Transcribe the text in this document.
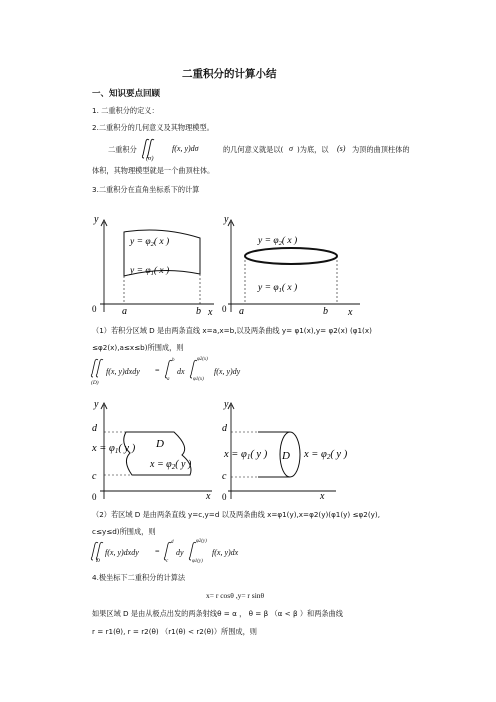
二重积分的计算小结
一、知识要点回顾
1. 二重积分的定义：
2.二重积分的几何意义及其物理模型。
二重积分
(σ)
f(x, y)dσ	的几何意义就是以( σ )为底，以 (s) 为顶的曲顶柱体的
体积，其物理模型就是一个曲顶柱体。
3.二重积分在直角坐标系下的计算
y
x
0	a	b
$y = \varphi_2$( x )
$y = \varphi_1$( x )
y
x
0 a	b
$y = \varphi_2$( x )
$y = \varphi_1$( x )
（1）若积分区域 D 是由两条直线 x=a,x=b,以及两条曲线 y= φ1(x),y= φ2(x) (φ1(x)
≤φ2(x),a≤x≤b)所围成，则
(D)
f(x, y)dxdy =
b
a
dx
φ2(x)
φ1(x)
f(x, y)dy
y
x
0
d
c
D
x = φ1( y )
$x = \varphi_2$( y )
y
x
0
d
c
D
x = φ1( y )	x = φ2( y )
（2）若区域 D 是由两条直线 y=c,y=d 以及两条曲线 x=φ1(y),x=φ2(y)(φ1(y) ≤φ2(y),
c≤y≤d)所围成，则
D
f(x, y)dxdy =
d
c
dy
φ2(y)
φ1(y)
f(x, y)dx
4.极坐标下二重积分的计算法
x= r cosθ ,y= r sinθ
如果区域 D 是由从极点出发的两条射线θ = α ， θ = β （α < β ）和两条曲线
r = r1(θ), r = r2(θ) （r1(θ) < r2(θ)）所围成，则
